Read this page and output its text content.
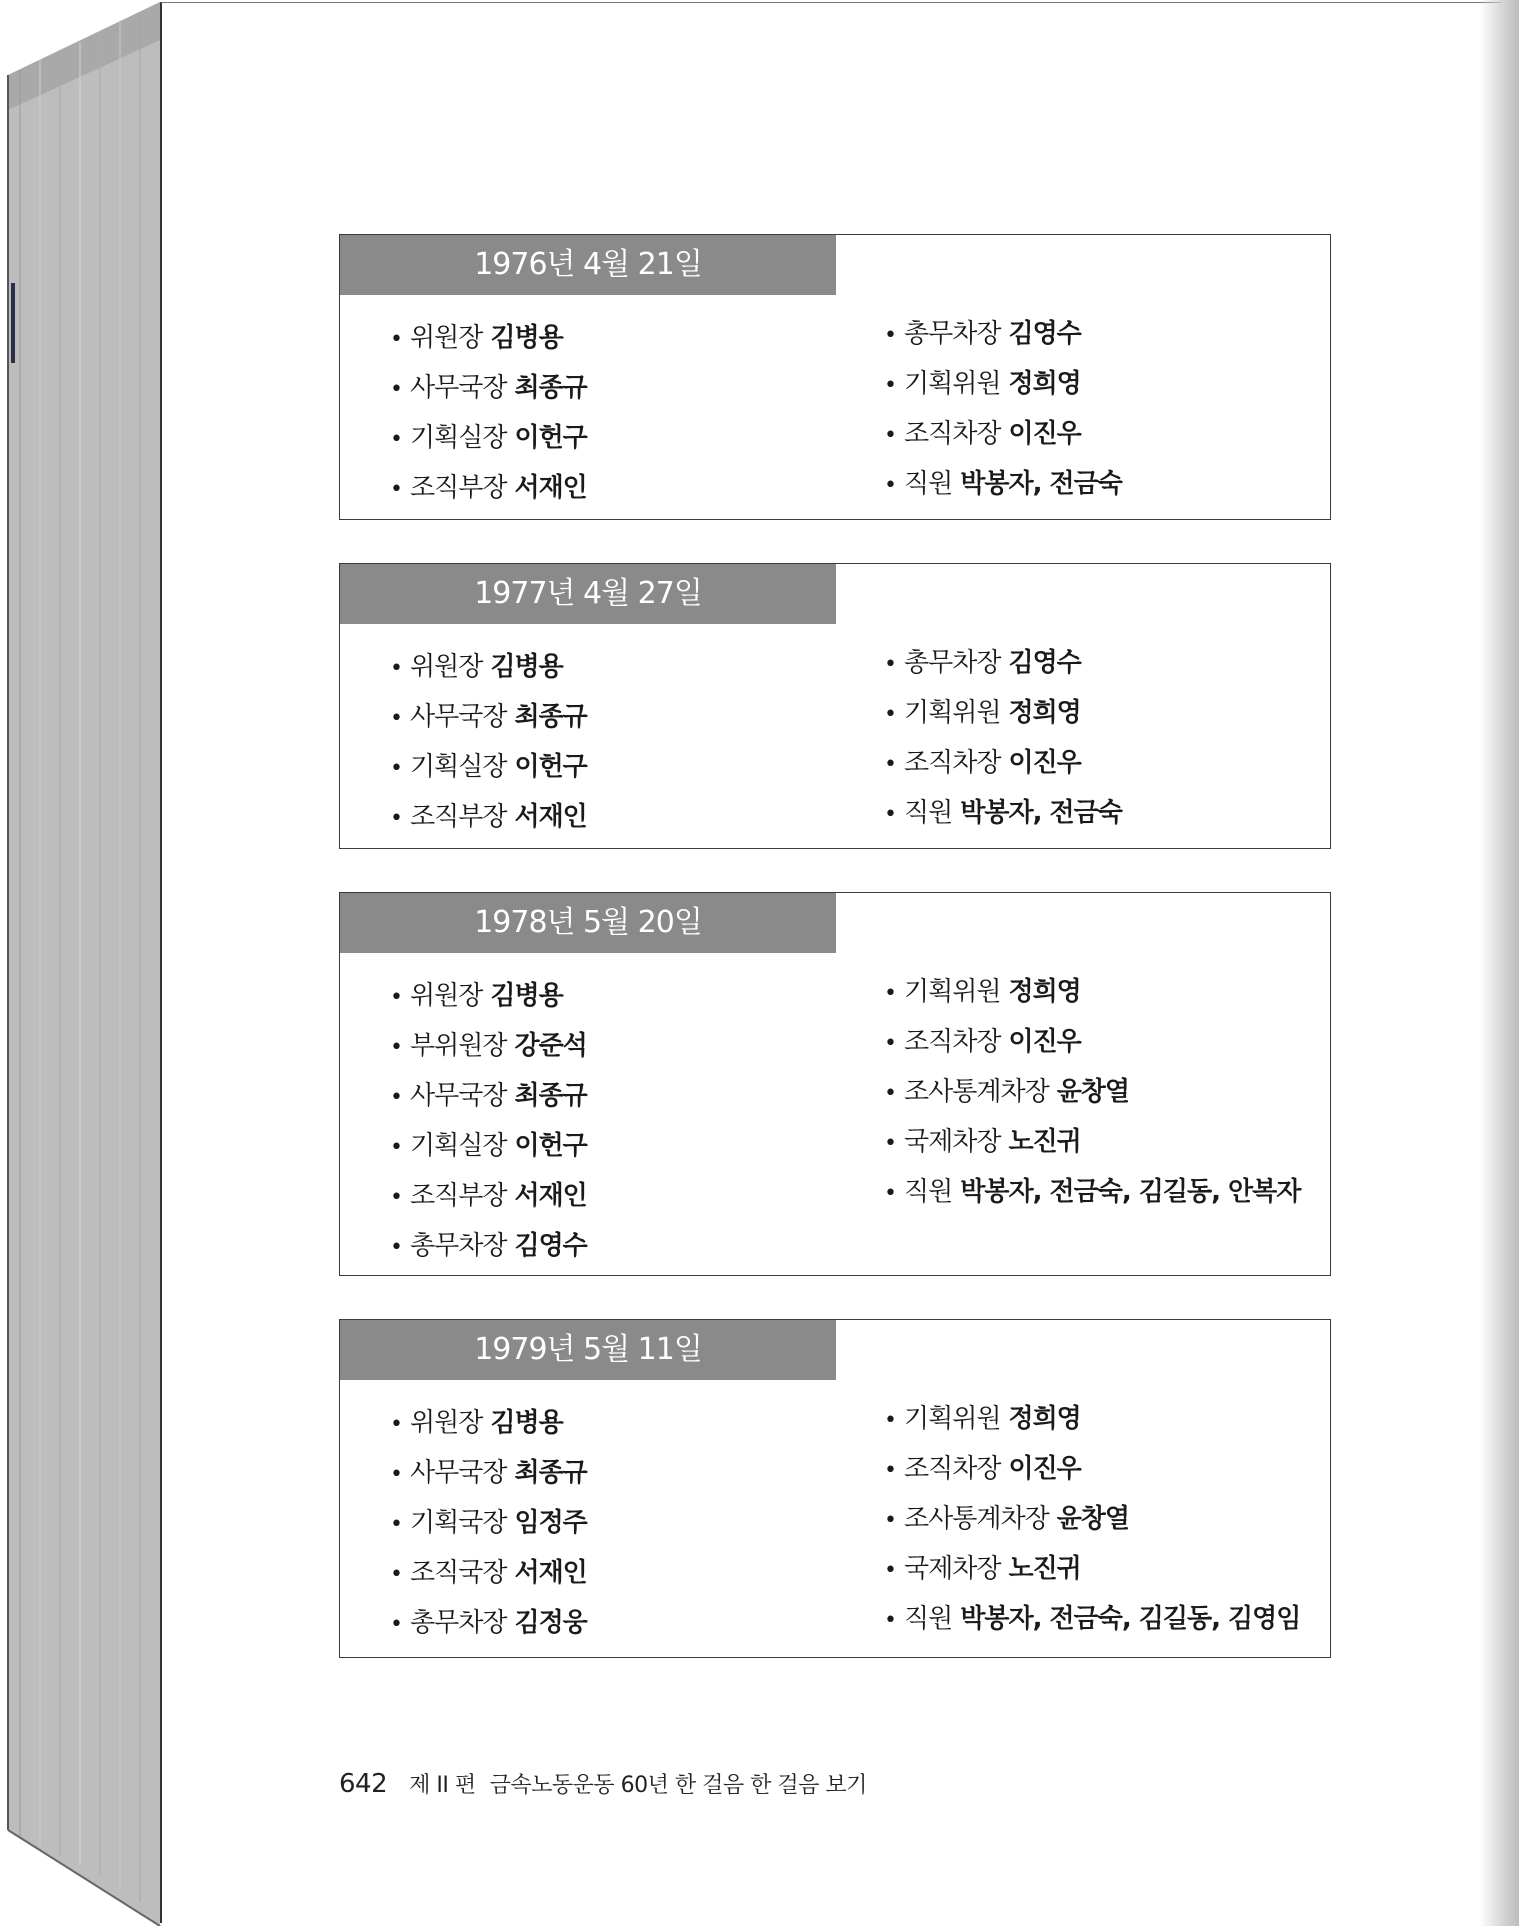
1976년 4월 21일
• 위원장 김병용
• 사무국장 최종규
• 기획실장 이헌구
• 조직부장 서재인
• 총무차장 김영수
• 기획위원 정희영
• 조직차장 이진우
• 직원 박봉자, 전금숙
1977년 4월 27일
• 위원장 김병용
• 사무국장 최종규
• 기획실장 이헌구
• 조직부장 서재인
• 총무차장 김영수
• 기획위원 정희영
• 조직차장 이진우
• 직원 박봉자, 전금숙
1978년 5월 20일
• 위원장 김병용
• 부위원장 강준석
• 사무국장 최종규
• 기획실장 이헌구
• 조직부장 서재인
• 총무차장 김영수
• 기획위원 정희영
• 조직차장 이진우
• 조사통계차장 윤창열
• 국제차장 노진귀
• 직원 박봉자, 전금숙, 김길동, 안복자
1979년 5월 11일
• 위원장 김병용
• 사무국장 최종규
• 기획국장 임정주
• 조직국장 서재인
• 총무차장 김정웅
• 기획위원 정희영
• 조직차장 이진우
• 조사통계차장 윤창열
• 국제차장 노진귀
• 직원 박봉자, 전금숙, 김길동, 김영임
642 제 II 편 금속노동운동 60년 한 걸음 한 걸음 보기
